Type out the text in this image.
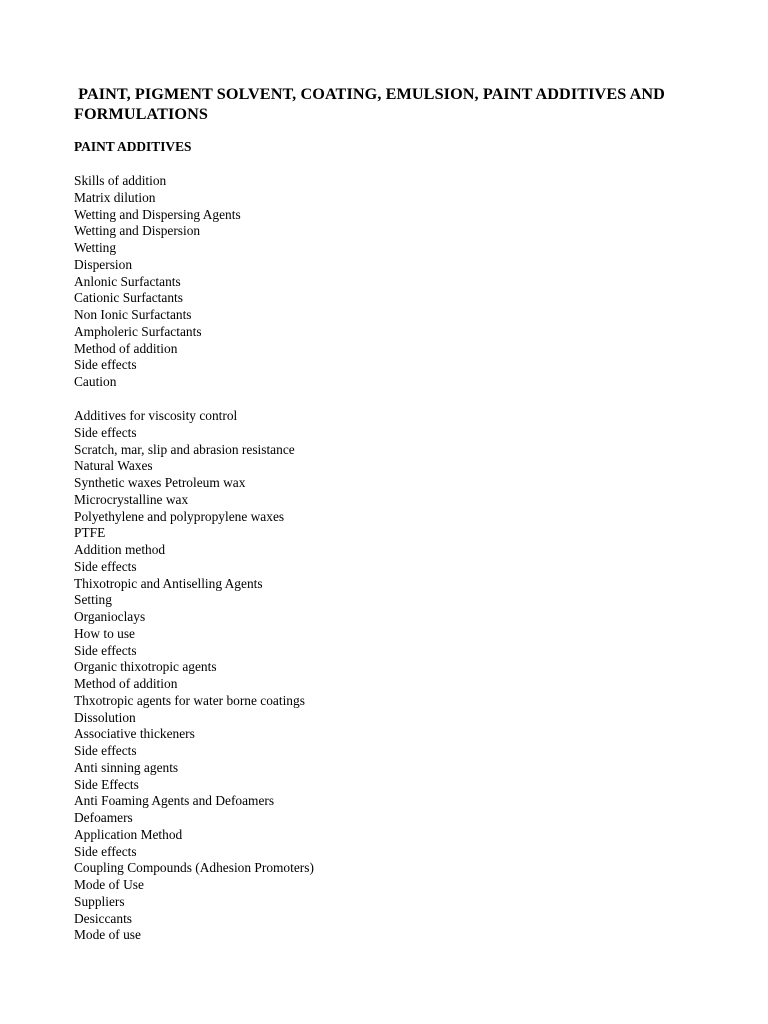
PAINT, PIGMENT SOLVENT, COATING, EMULSION, PAINT ADDITIVES AND FORMULATIONS
PAINT ADDITIVES
Skills of addition
Matrix dilution
Wetting and Dispersing Agents
Wetting and Dispersion
Wetting
Dispersion
Anlonic Surfactants
Cationic Surfactants
Non Ionic Surfactants
Ampholeric Surfactants
Method of addition
Side effects
Caution
Additives for viscosity control
Side effects
Scratch, mar, slip and abrasion resistance
Natural Waxes
Synthetic waxes Petroleum wax
Microcrystalline wax
Polyethylene and polypropylene waxes
PTFE
Addition method
Side effects
Thixotropic and Antiselling Agents
Setting
Organioclays
How to use
Side effects
Organic thixotropic agents
Method of addition
Thxotropic agents for water borne coatings
Dissolution
Associative thickeners
Side effects
Anti sinning agents
Side Effects
Anti Foaming Agents and Defoamers
Defoamers
Application Method
Side effects
Coupling Compounds (Adhesion Promoters)
Mode of Use
Suppliers
Desiccants
Mode of use
